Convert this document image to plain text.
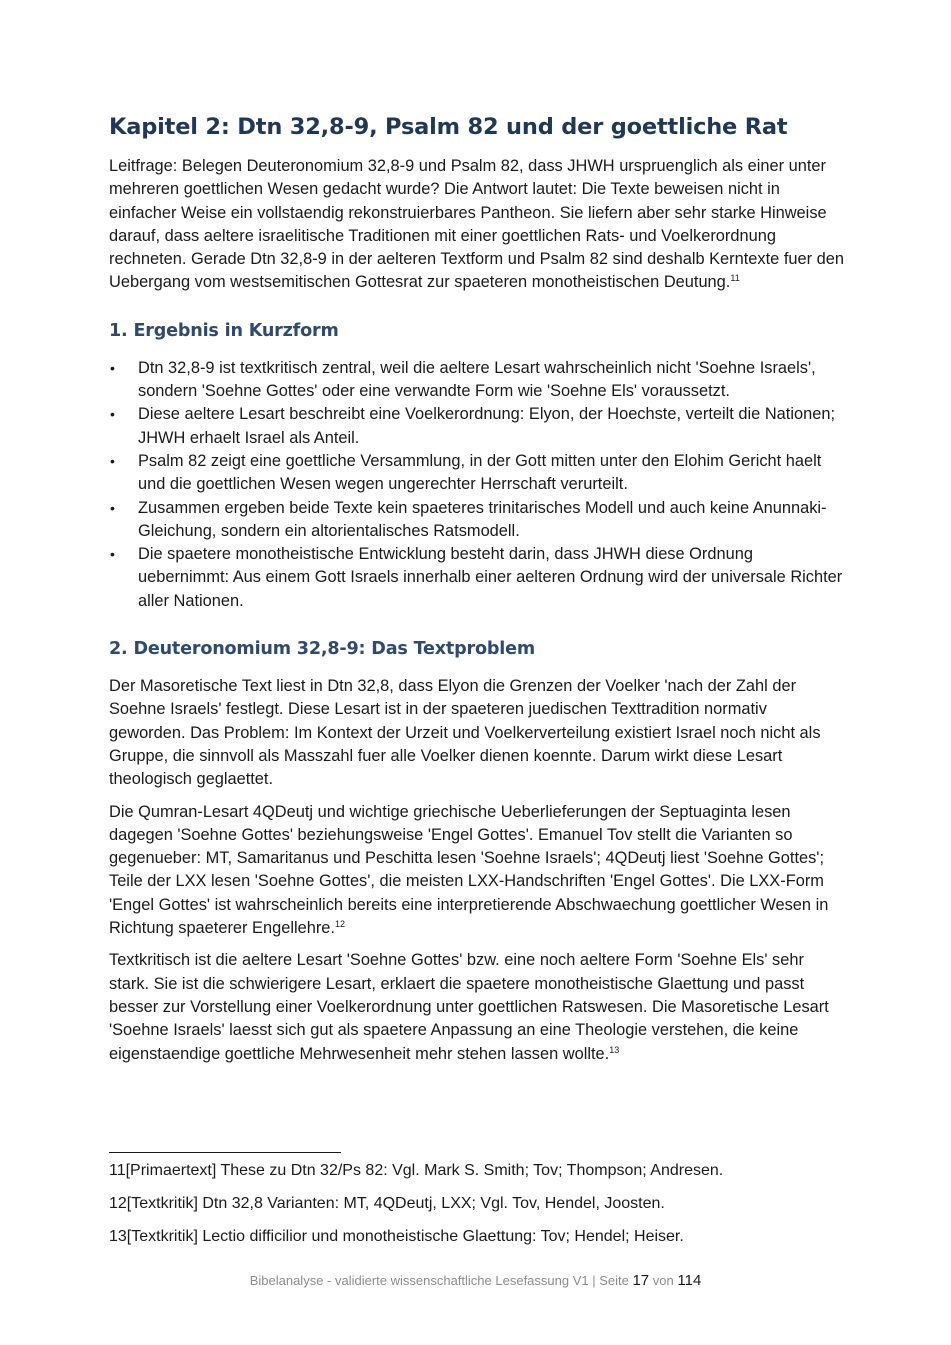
Kapitel 2: Dtn 32,8-9, Psalm 82 und der goettliche Rat

Leitfrage: Belegen Deuteronomium 32,8-9 und Psalm 82, dass JHWH urspruenglich als einer unter mehreren goettlichen Wesen gedacht wurde? Die Antwort lautet: Die Texte beweisen nicht in einfacher Weise ein vollstaendig rekonstruierbares Pantheon. Sie liefern aber sehr starke Hinweise darauf, dass aeltere israelitische Traditionen mit einer goettlichen Rats- und Voelkerordnung rechneten. Gerade Dtn 32,8-9 in der aelteren Textform und Psalm 82 sind deshalb Kerntexte fuer den Uebergang vom westsemitischen Gottesrat zur spaeteren monotheistischen Deutung.$^{11}$

1. Ergebnis in Kurzform
• Dtn 32,8-9 ist textkritisch zentral, weil die aeltere Lesart wahrscheinlich nicht 'Soehne Israels', sondern 'Soehne Gottes' oder eine verwandte Form wie 'Soehne Els' voraussetzt.
• Diese aeltere Lesart beschreibt eine Voelkerordnung: Elyon, der Hoechste, verteilt die Nationen; JHWH erhaelt Israel als Anteil.
• Psalm 82 zeigt eine goettliche Versammlung, in der Gott mitten unter den Elohim Gericht haelt und die goettlichen Wesen wegen ungerechter Herrschaft verurteilt.
• Zusammen ergeben beide Texte kein spaeteres trinitarisches Modell und auch keine Anunnaki-Gleichung, sondern ein altorientalisches Ratsmodell.
• Die spaetere monotheistische Entwicklung besteht darin, dass JHWH diese Ordnung uebernimmt: Aus einem Gott Israels innerhalb einer aelteren Ordnung wird der universale Richter aller Nationen.
2. Deuteronomium 32,8-9: Das Textproblem

Der Masoretische Text liest in Dtn 32,8, dass Elyon die Grenzen der Voelker 'nach der Zahl der Soehne Israels' festlegt. Diese Lesart ist in der spaeteren juedischen Texttradition normativ geworden. Das Problem: Im Kontext der Urzeit und Voelkerverteilung existiert Israel noch nicht als Gruppe, die sinnvoll als Masszahl fuer alle Voelker dienen koennte. Darum wirkt diese Lesart theologisch geglaettet.

Die Qumran-Lesart 4QDeutj und wichtige griechische Ueberlieferungen der Septuaginta lesen dagegen 'Soehne Gottes' beziehungsweise 'Engel Gottes'. Emanuel Tov stellt die Varianten so gegenueber: MT, Samaritanus und Peschitta lesen 'Soehne Israels'; 4QDeutj liest 'Soehne Gottes'; Teile der LXX lesen 'Soehne Gottes', die meisten LXX-Handschriften 'Engel Gottes'. Die LXX-Form 'Engel Gottes' ist wahrscheinlich bereits eine interpretierende Abschwaechung goettlicher Wesen in Richtung spaeterer Engellehre.$^{12}$

Textkritisch ist die aeltere Lesart 'Soehne Gottes' bzw. eine noch aeltere Form 'Soehne Els' sehr stark. Sie ist die schwierigere Lesart, erklaert die spaetere monotheistische Glaettung und passt besser zur Vorstellung einer Voelkerordnung unter goettlichen Ratswesen. Die Masoretische Lesart 'Soehne Israels' laesst sich gut als spaetere Anpassung an eine Theologie verstehen, die keine eigenstaendige goettliche Mehrwesenheit mehr stehen lassen wollte.$^{13}$

11[Primaertext] These zu Dtn 32/Ps 82: Vgl. Mark S. Smith; Tov; Thompson; Andresen.
12[Textkritik] Dtn 32,8 Varianten: MT, 4QDeutj, LXX; Vgl. Tov, Hendel, Joosten.
13[Textkritik] Lectio difficilior und monotheistische Glaettung: Tov; Hendel; Heiser.
Bibelanalyse - validierte wissenschaftliche Lesefassung V1 | Seite 17 von 114
